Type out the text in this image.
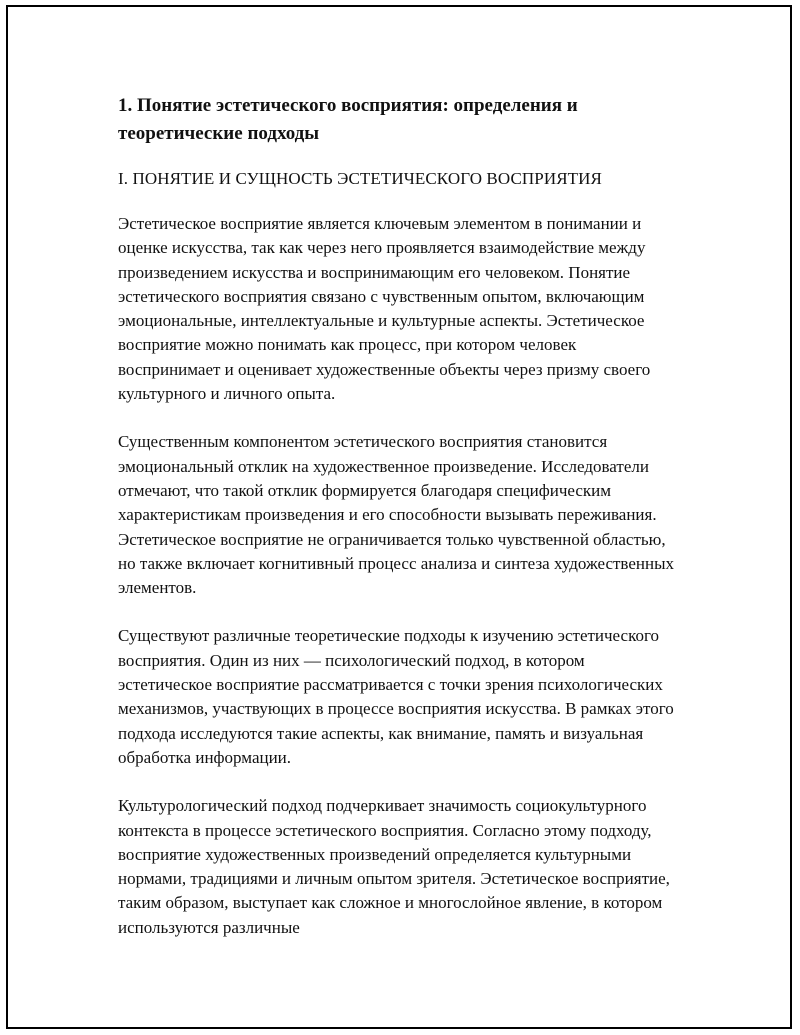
1. Понятие эстетического восприятия: определения и теоретические подходы
I. ПОНЯТИЕ И СУЩНОСТЬ ЭСТЕТИЧЕСКОГО ВОСПРИЯТИЯ

Эстетическое восприятие является ключевым элементом в понимании и оценке искусства, так как через него проявляется взаимодействие между произведением искусства и воспринимающим его человеком. Понятие эстетического восприятия связано с чувственным опытом, включающим эмоциональные, интеллектуальные и культурные аспекты. Эстетическое восприятие можно понимать как процесс, при котором человек воспринимает и оценивает художественные объекты через призму своего культурного и личного опыта.

Существенным компонентом эстетического восприятия становится эмоциональный отклик на художественное произведение. Исследователи отмечают, что такой отклик формируется благодаря специфическим характеристикам произведения и его способности вызывать переживания. Эстетическое восприятие не ограничивается только чувственной областью, но также включает когнитивный процесс анализа и синтеза художественных элементов.

Существуют различные теоретические подходы к изучению эстетического восприятия. Один из них — психологический подход, в котором эстетическое восприятие рассматривается с точки зрения психологических механизмов, участвующих в процессе восприятия искусства. В рамках этого подхода исследуются такие аспекты, как внимание, память и визуальная обработка информации.

Культурологический подход подчеркивает значимость социокультурного контекста в процессе эстетического восприятия. Согласно этому подходу, восприятие художественных произведений определяется культурными нормами, традициями и личным опытом зрителя. Эстетическое восприятие, таким образом, выступает как сложное и многослойное явление, в котором используются различные
